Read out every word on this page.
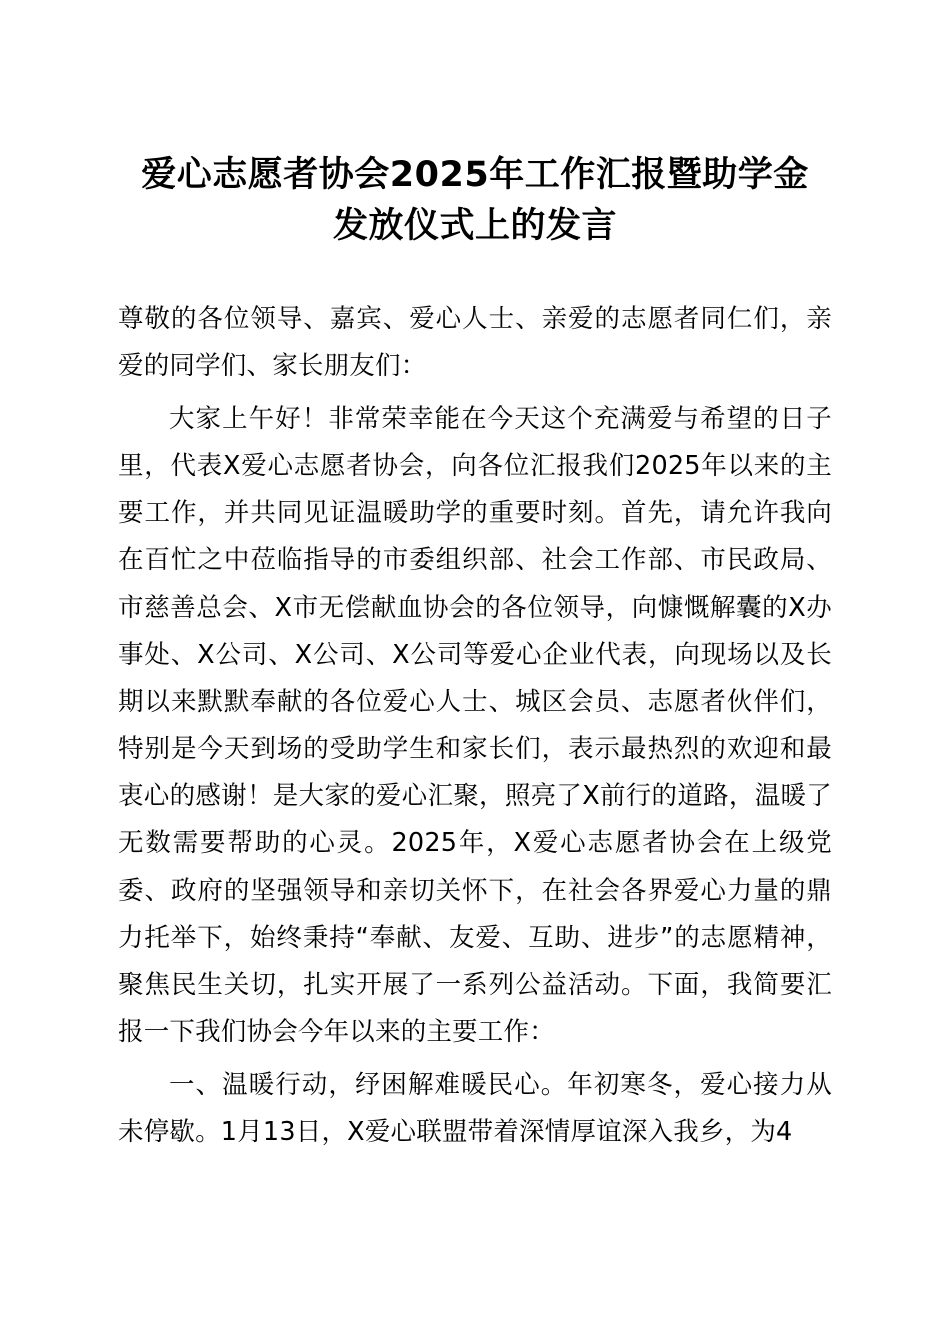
爱心志愿者协会2025年工作汇报暨助学金发放仪式上的发言

尊敬的各位领导、嘉宾、爱心人士、亲爱的志愿者同仁们，亲爱的同学们、家长朋友们：

大家上午好！非常荣幸能在今天这个充满爱与希望的日子里，代表X爱心志愿者协会，向各位汇报我们2025年以来的主要工作，并共同见证温暖助学的重要时刻。首先，请允许我向在百忙之中莅临指导的市委组织部、社会工作部、市民政局、市慈善总会、X市无偿献血协会的各位领导，向慷慨解囊的X办事处、X公司、X公司、X公司等爱心企业代表，向现场以及长期以来默默奉献的各位爱心人士、城区会员、志愿者伙伴们，特别是今天到场的受助学生和家长们，表示最热烈的欢迎和最衷心的感谢！是大家的爱心汇聚，照亮了X前行的道路，温暖了无数需要帮助的心灵。2025年，X爱心志愿者协会在上级党委、政府的坚强领导和亲切关怀下，在社会各界爱心力量的鼎力托举下，始终秉持“奉献、友爱、互助、进步”的志愿精神，聚焦民生关切，扎实开展了一系列公益活动。下面，我简要汇报一下我们协会今年以来的主要工作：

一、温暖行动，纾困解难暖民心。年初寒冬，爱心接力从未停歇。1月13日，X爱心联盟带着深情厚谊深入我乡，为4
